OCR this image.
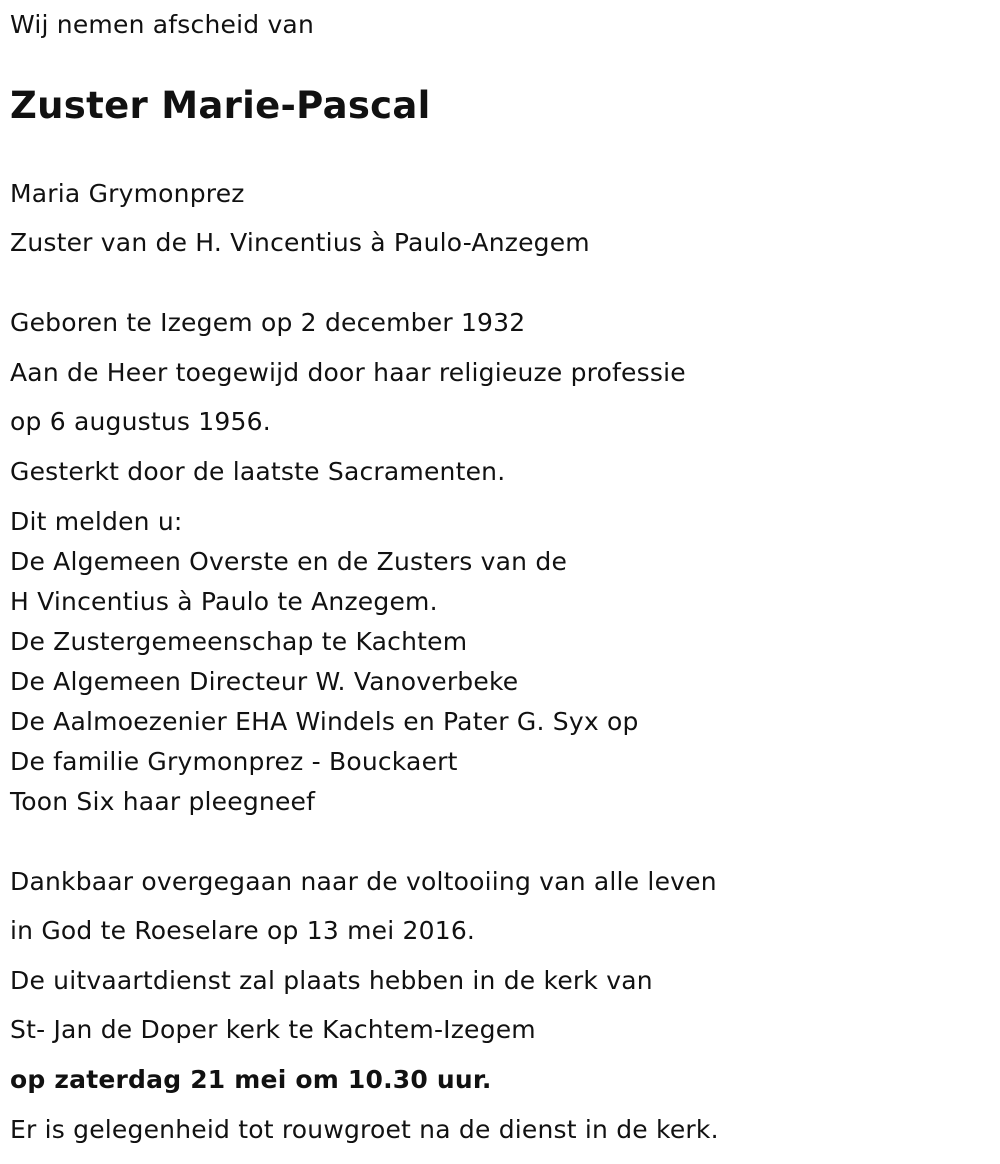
Wij nemen afscheid van
Zuster Marie-Pascal
Maria Grymonprez
Zuster van de H. Vincentius à Paulo-Anzegem
Geboren te Izegem op 2 december 1932
Aan de Heer toegewijd door haar religieuze professie
op 6 augustus 1956.
Gesterkt door de laatste Sacramenten.
Dit melden u:
De Algemeen Overste en de Zusters van de
H Vincentius à Paulo te Anzegem.
De Zustergemeenschap te Kachtem
De Algemeen Directeur W. Vanoverbeke
De Aalmoezenier EHA Windels en Pater G. Syx op
De familie Grymonprez - Bouckaert
Toon Six haar pleegneef
Dankbaar overgegaan naar de voltooiing van alle leven
in God te Roeselare op 13 mei 2016.
De uitvaartdienst zal plaats hebben in de kerk van
St- Jan de Doper kerk te Kachtem-Izegem
op zaterdag 21 mei om 10.30 uur.
Er is gelegenheid tot rouwgroet na de dienst in de kerk.
